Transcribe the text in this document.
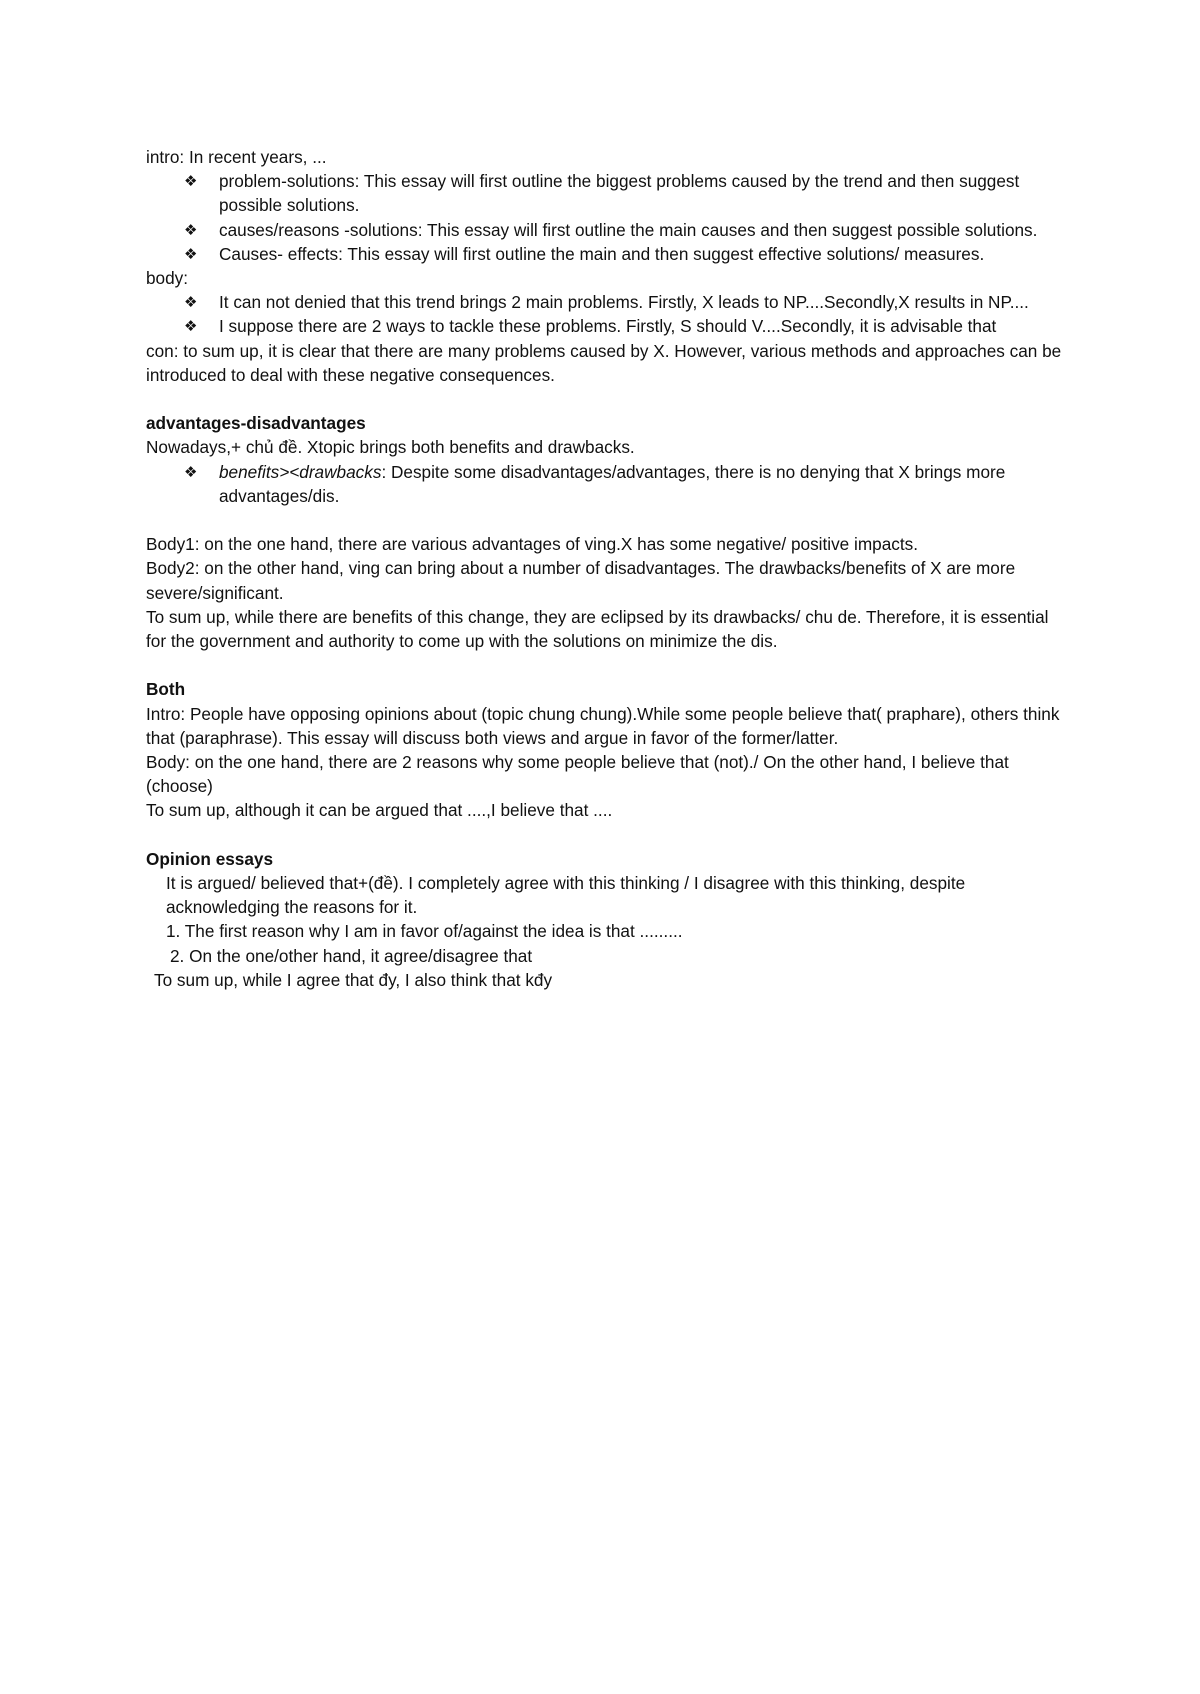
intro: In recent years, ...

❖ problem-solutions: This essay will first outline the biggest problems caused by the trend and then suggest possible solutions.

❖ causes/reasons -solutions: This essay will first outline the main causes and then suggest possible solutions.

❖ Causes- effects: This essay will first outline the main and then suggest effective solutions/ measures.

body:

❖ It can not denied that this trend brings 2 main problems. Firstly, X leads to NP....Secondly,X results in NP....

❖ I suppose there are 2 ways to tackle these problems. Firstly, S should V....Secondly, it is advisable that

con: to sum up, it is clear that there are many problems caused by X. However, various methods and approaches can be introduced to deal with these negative consequences.

advantages-disadvantages

Nowadays,+ chủ đề. Xtopic brings both benefits and drawbacks.

❖ benefits><drawbacks: Despite some disadvantages/advantages, there is no denying that X brings more advantages/dis.

Body1: on the one hand, there are various advantages of ving.X has some negative/ positive impacts.

Body2: on the other hand, ving can bring about a number of disadvantages. The drawbacks/benefits of X are more severe/significant.

To sum up, while there are benefits of this change, they are eclipsed by its drawbacks/ chu de. Therefore, it is essential for the government and authority to come up with the solutions on minimize the dis.

Both

Intro: People have opposing opinions about (topic chung chung).While some people believe that( praphare), others think that (paraphrase). This essay will discuss both views and argue in favor of the former/latter.

Body: on the one hand, there are 2 reasons why some people believe that (not)./ On the other hand, I believe that (choose)

To sum up, although it can be argued that ....,I believe that ....

Opinion essays

It is argued/ believed that+(đề). I completely agree with this thinking / I disagree with this thinking, despite acknowledging the reasons for it.

1. The first reason why I am in favor of/against the idea is that .........

2. On the one/other hand, it agree/disagree that

To sum up, while I agree that đy, I also think that kđy
